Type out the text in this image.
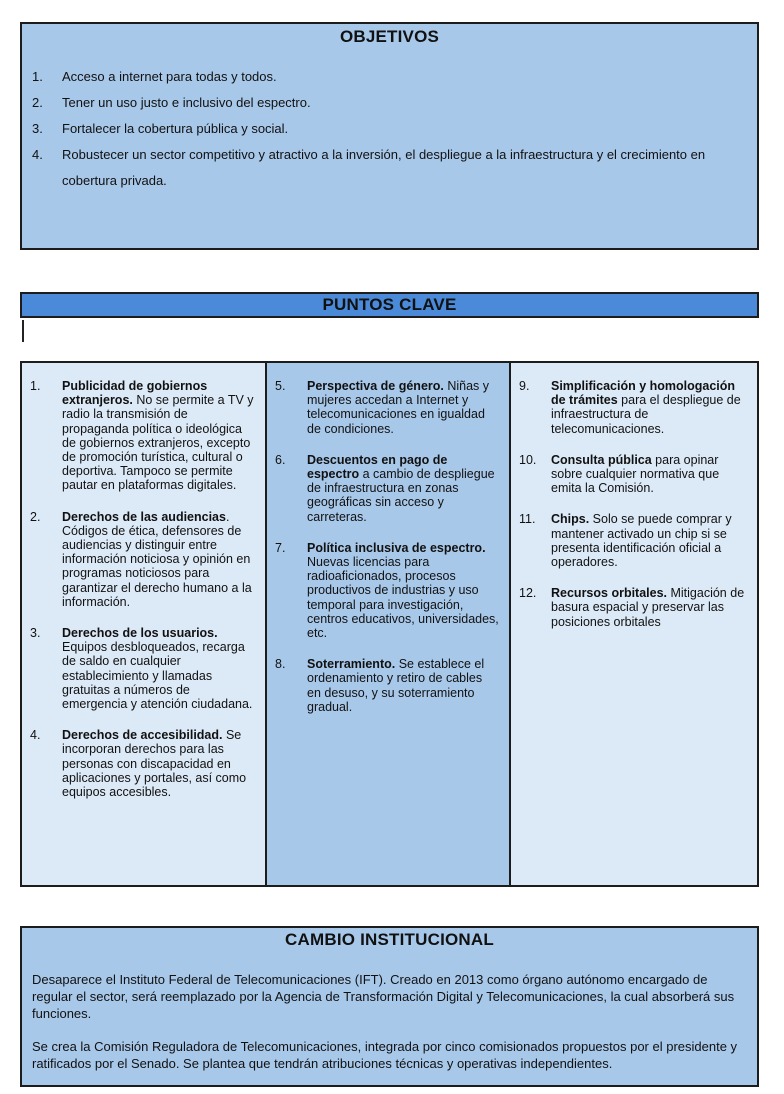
OBJETIVOS
1.	Acceso a internet para todas y todos.
2.	Tener un uso justo e inclusivo del espectro.
3.	Fortalecer la cobertura pública y social.
4.	Robustecer un sector competitivo y atractivo a la inversión, el despliegue a la infraestructura y el crecimiento en cobertura privada.
PUNTOS CLAVE
1.	Publicidad de gobiernos extranjeros. No se permite a TV y radio la transmisión de propaganda política o ideológica de gobiernos extranjeros, excepto de promoción turística, cultural o deportiva. Tampoco se permite pautar en plataformas digitales.
2.	Derechos de las audiencias. Códigos de ética, defensores de audiencias y distinguir entre información noticiosa y opinión en programas noticiosos para garantizar el derecho humano a la información.
3.	Derechos de los usuarios. Equipos desbloqueados, recarga de saldo en cualquier establecimiento y llamadas gratuitas a números de emergencia y atención ciudadana.
4.	Derechos de accesibilidad. Se incorporan derechos para las personas con discapacidad en aplicaciones y portales, así como equipos accesibles.
5.	Perspectiva de género. Niñas y mujeres accedan a Internet y telecomunicaciones en igualdad de condiciones.
6.	Descuentos en pago de espectro a cambio de despliegue de infraestructura en zonas geográficas sin acceso y carreteras.
7.	Política inclusiva de espectro. Nuevas licencias para radioaficionados, procesos productivos de industrias y uso temporal para investigación, centros educativos, universidades, etc.
8.	Soterramiento. Se establece el ordenamiento y retiro de cables en desuso, y su soterramiento gradual.
9.	Simplificación y homologación de trámites para el despliegue de infraestructura de telecomunicaciones.
10.	Consulta pública para opinar sobre cualquier normativa que emita la Comisión.
11.	Chips. Solo se puede comprar y mantener activado un chip si se presenta identificación oficial a operadores.
12.	Recursos orbitales. Mitigación de basura espacial y preservar las posiciones orbitales
CAMBIO INSTITUCIONAL

Desaparece el Instituto Federal de Telecomunicaciones (IFT). Creado en 2013 como órgano autónomo encargado de regular el sector, será reemplazado por la Agencia de Transformación Digital y Telecomunicaciones, la cual absorberá sus funciones.

Se crea la Comisión Reguladora de Telecomunicaciones, integrada por cinco comisionados propuestos por el presidente y ratificados por el Senado. Se plantea que tendrán atribuciones técnicas y operativas independientes.
